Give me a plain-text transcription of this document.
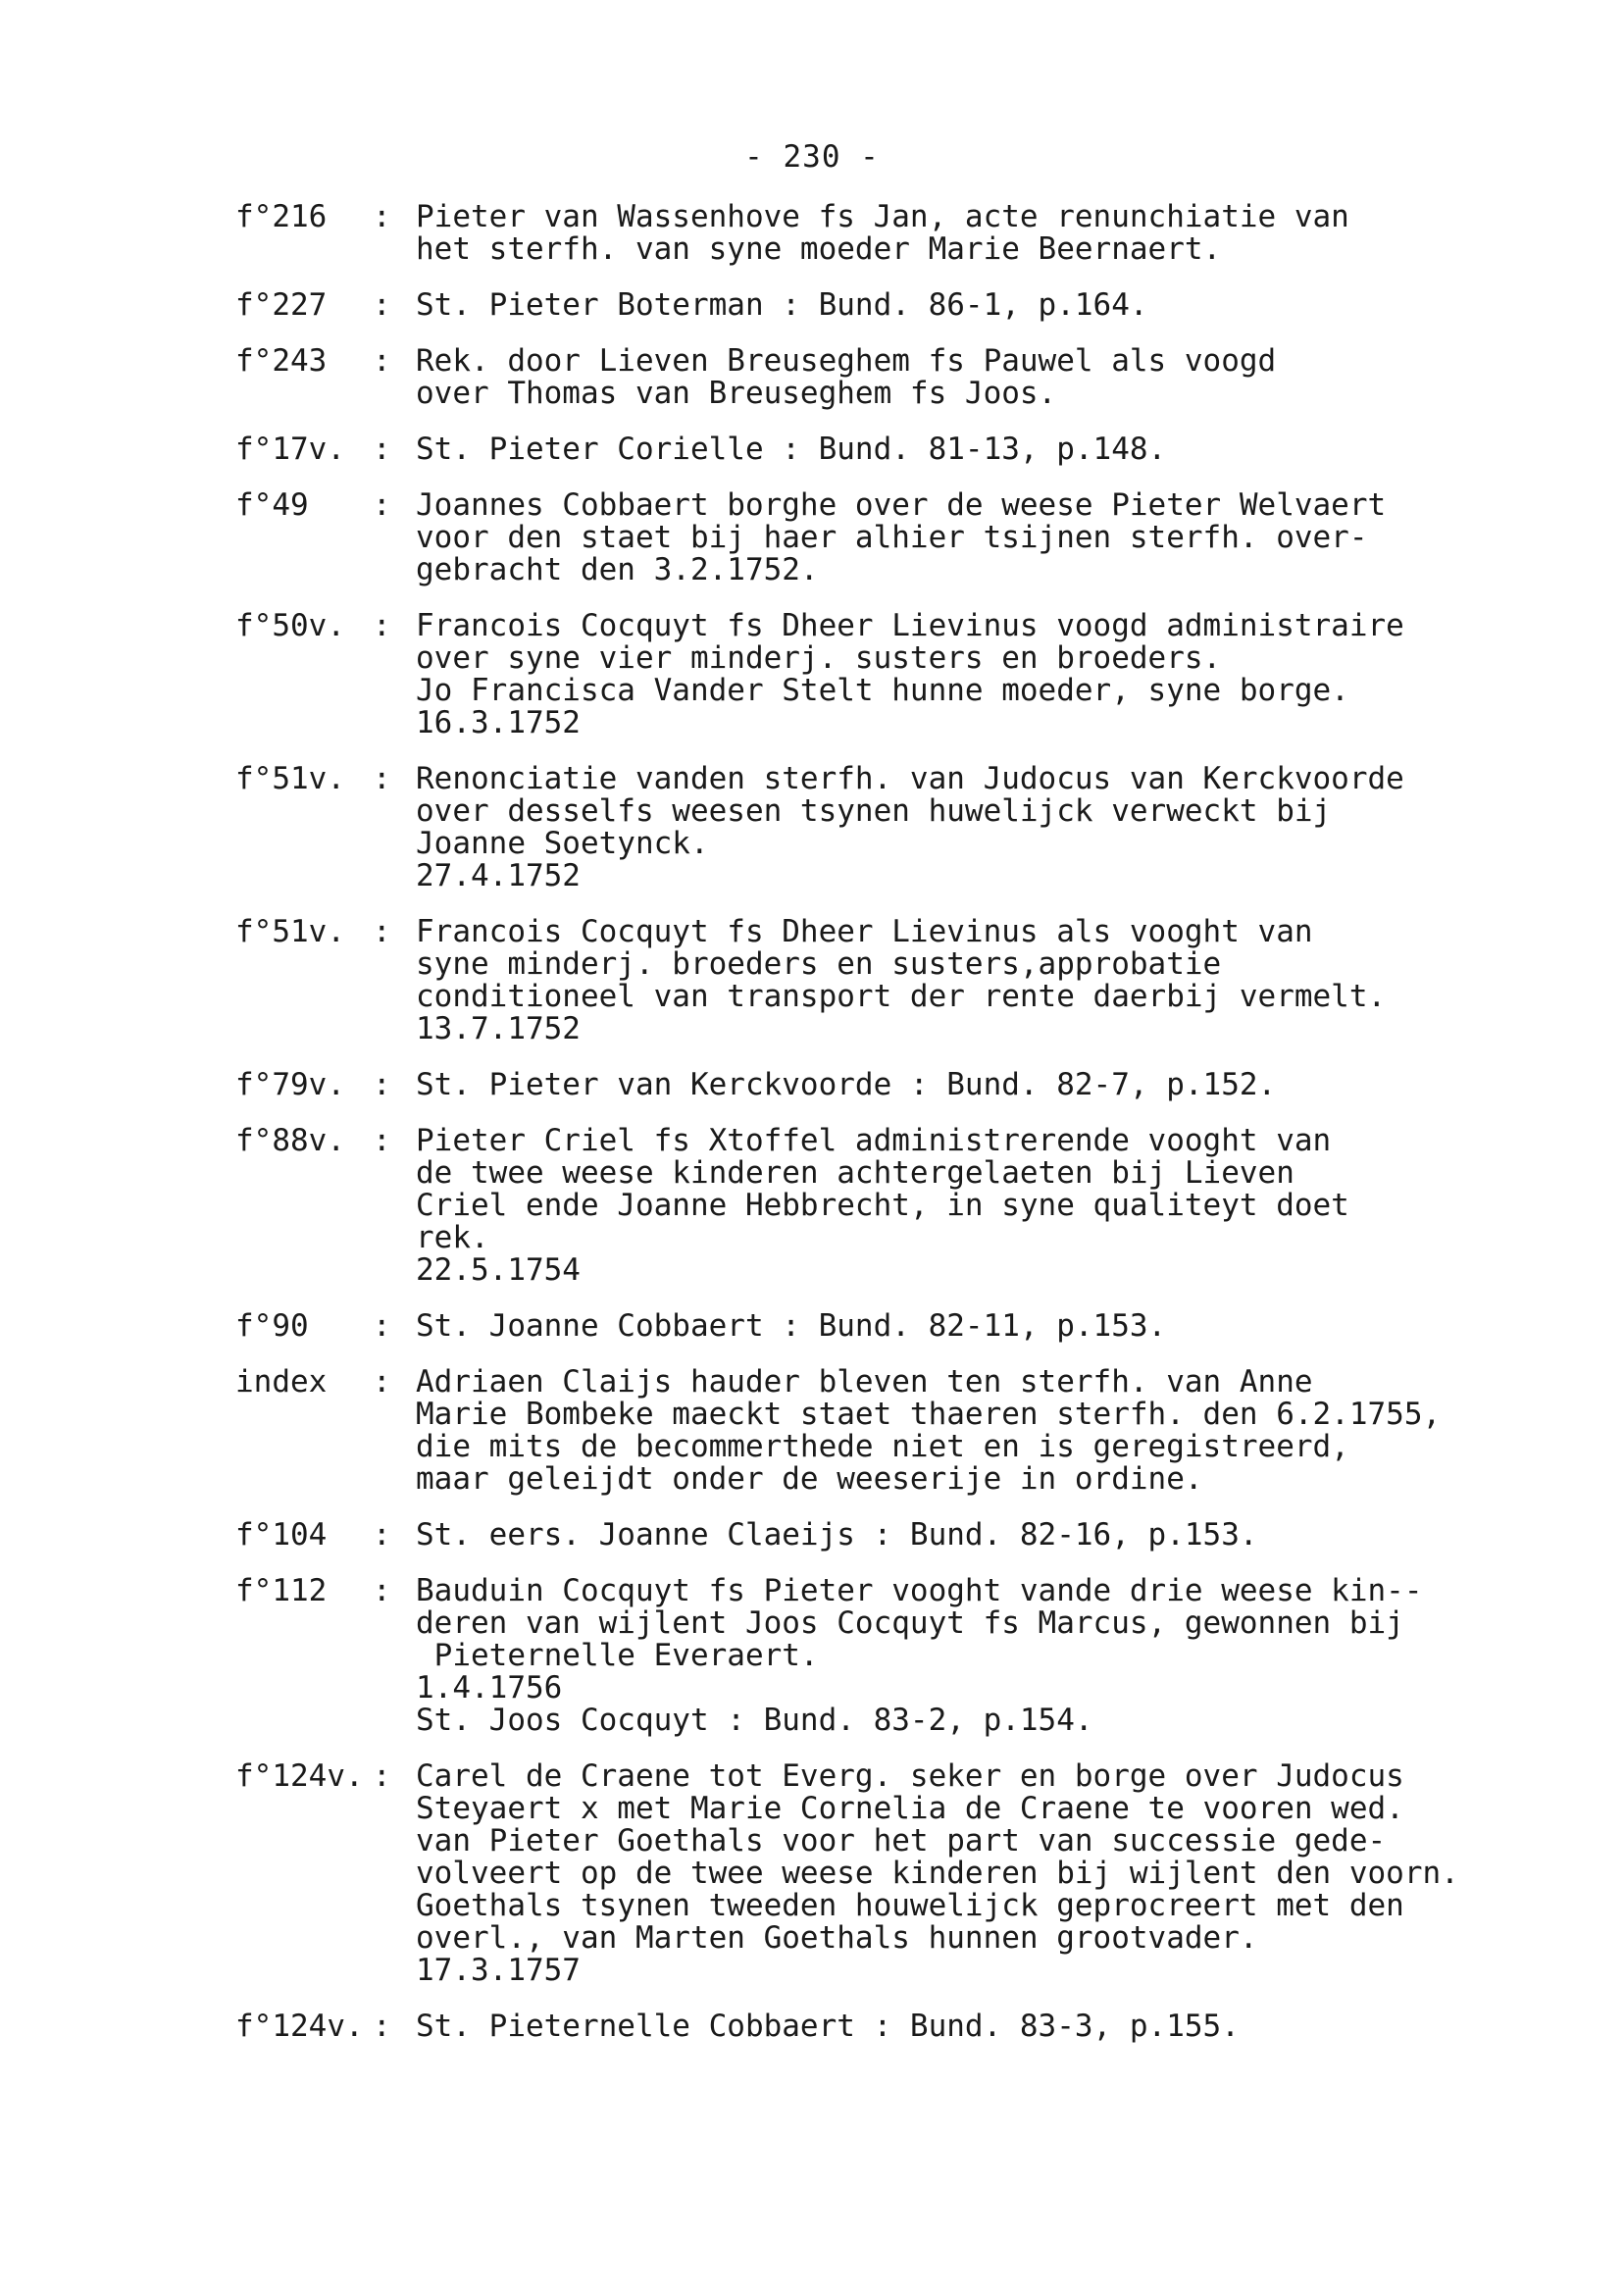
- 230 -
f°216	: Pieter van Wassenhove fs Jan, acte renunchiatie van
het sterfh. van syne moeder Marie Beernaert.
f°227	: St. Pieter Boterman : Bund. 86-1, p.164.
f°243	: Rek. door Lieven Breuseghem fs Pauwel als voogd
over Thomas van Breuseghem fs Joos.
f°17v. : St. Pieter Corielle : Bund. 81-13, p.148.
f°49	: Joannes Cobbaert borghe over de weese Pieter Welvaert
voor den staet bij haer alhier tsijnen sterfh. over-
gebracht den 3.2.1752.
f°50v. : Francois Cocquyt fs Dheer Lievinus voogd administraire
over syne vier minderj. susters en broeders.
Jo Francisca Vander Stelt hunne moeder, syne borge.
16.3.1752
f°51v. : Renonciatie vanden sterfh. van Judocus van Kerckvoorde
over desselfs weesen tsynen huwelijck verweckt bij
Joanne Soetynck.
27.4.1752
f°51v. : Francois Cocquyt fs Dheer Lievinus als vooght van
syne minderj. broeders en susters,approbatie
conditioneel van transport der rente daerbij vermelt.
13.7.1752
f°79v. : St. Pieter van Kerckvoorde : Bund. 82-7, p.152.
f°88v. : Pieter Criel fs Xtoffel administrerende vooght van
de twee weese kinderen achtergelaeten bij Lieven
Criel ende Joanne Hebbrecht, in syne qualiteyt doet
rek.
22.5.1754
f°90	: St. Joanne Cobbaert : Bund. 82-11, p.153.
index	: Adriaen Claijs hauder bleven ten sterfh. van Anne
Marie Bombeke maeckt staet thaeren sterfh. den 6.2.1755,
die mits de becommerthede niet en is geregistreerd,
maar geleijdt onder de weeserije in ordine.
f°104	: St. eers. Joanne Claeijs : Bund. 82-16, p.153.
f°112	: Bauduin Cocquyt fs Pieter vooght vande drie weese kin--
deren van wijlent Joos Cocquyt fs Marcus, gewonnen bij
Pieternelle Everaert.
1.4.1756
St. Joos Cocquyt : Bund. 83-2, p.154.
f°124v. : Carel de Craene tot Everg. seker en borge over Judocus
Steyaert x met Marie Cornelia de Craene te vooren wed.
van Pieter Goethals voor het part van successie gede-
volveert op de twee weese kinderen bij wijlent den voorn.
Goethals tsynen tweeden houwelijck geprocreert met den
overl., van Marten Goethals hunnen grootvader.
17.3.1757
f°124v. : St. Pieternelle Cobbaert : Bund. 83-3, p.155.
